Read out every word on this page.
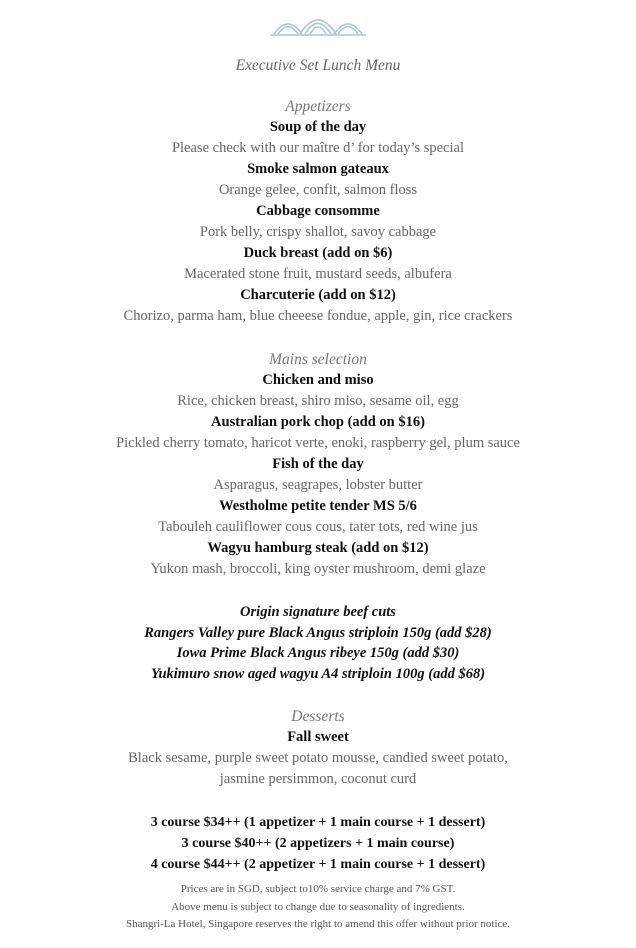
Executive Set Lunch Menu
Appetizers
Soup of the day
Please check with our maître d’ for today’s special
Smoke salmon gateaux
Orange gelee, confit, salmon floss
Cabbage consomme
Pork belly, crispy shallot, savoy cabbage
Duck breast (add on $6)
Macerated stone fruit, mustard seeds, albufera
Charcuterie (add on $12)
Chorizo, parma ham, blue cheeese fondue, apple, gin, rice crackers
Mains selection
Chicken and miso
Rice, chicken breast, shiro miso, sesame oil, egg
Australian pork chop (add on $16)
Pickled cherry tomato, haricot verte, enoki, raspberry gel, plum sauce
Fish of the day
Asparagus, seagrapes, lobster butter
Westholme petite tender MS 5/6
Tabouleh cauliflower cous cous, tater tots, red wine jus
Wagyu hamburg steak (add on $12)
Yukon mash, broccoli, king oyster mushroom, demi glaze
Origin signature beef cuts
Rangers Valley pure Black Angus striploin 150g (add $28)
Iowa Prime Black Angus ribeye 150g (add $30)
Yukimuro snow aged wagyu A4 striploin 100g (add $68)
Desserts
Fall sweet
Black sesame, purple sweet potato mousse, candied sweet potato,
jasmine persimmon, coconut curd
3 course $34++ (1 appetizer + 1 main course + 1 dessert)
3 course $40++ (2 appetizers + 1 main course)
4 course $44++ (2 appetizer + 1 main course + 1 dessert)
Prices are in SGD, subject to10% service charge and 7% GST.
Above menu is subject to change due to seasonality of ingredients.
Shangri-La Hotel, Singapore reserves the right to amend this offer without prior notice.
